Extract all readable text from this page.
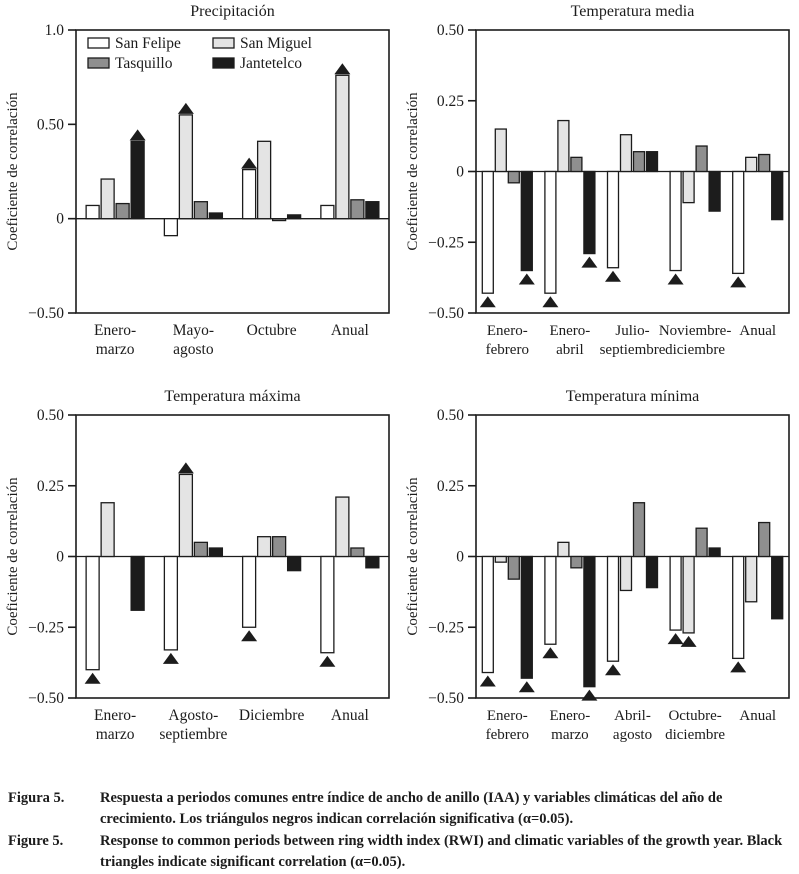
Precipitación
Coeficiente de correlación
1.0
0.50
0
−0.50
Enero-marzo
Mayo-agosto
Octubre Anual
San Felipe
Tasquillo
San Miguel
Jantetelco
Temperatura media
Coeficiente de correlación
0.50
0.25
0
−0.25
−0.50
Enero-febrero
Enero-abril
Julio-septiembre
Noviembre-diciembre
Anual
Temperatura máxima
Coeficiente de correlación
0.50
0.25
0
−0.25
−0.50
Enero-marzo
Agosto-septiembre
Diciembre Anual
Temperatura mínima
Coeficiente de correlación
0.50
0.25
0
−0.25
−0.50
Enero-febrero
Enero-marzo
Abril-agosto
Octubre-diciembre
Anual
Figura 5.	Respuesta a periodos comunes entre índice de ancho de anillo (IAA) y variables climáticas del año de crecimiento. Los triángulos negros indican correlación significativa (α=0.05).
Figure 5.	Response to common periods between ring width index (RWI) and climatic variables of the growth year. Black triangles indicate significant correlation (α=0.05).
